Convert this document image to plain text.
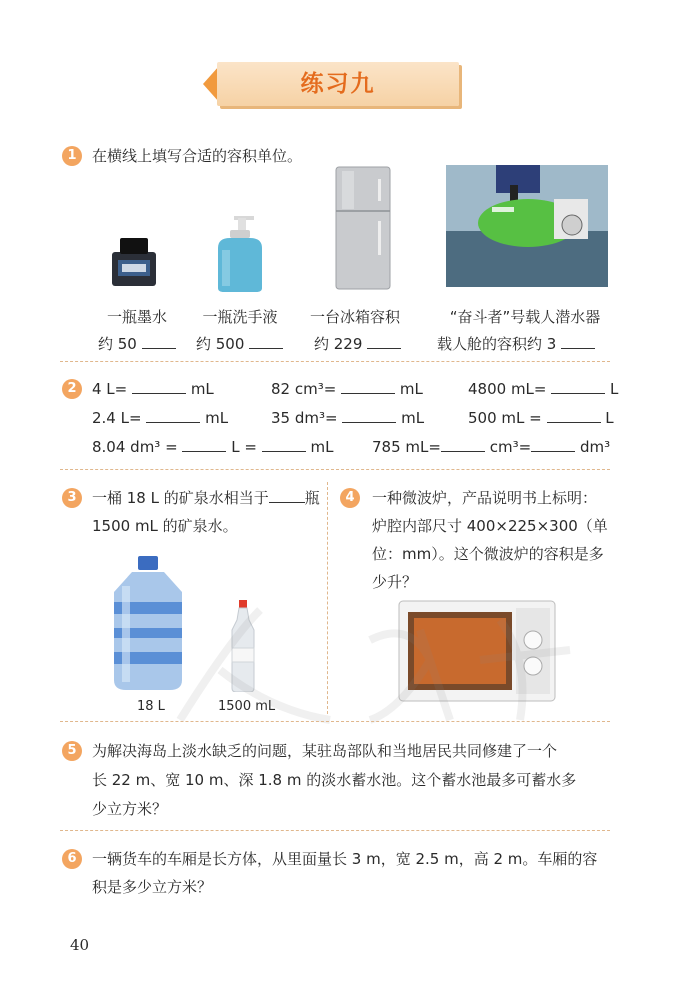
练习九
1	在横线上填写合适的容积单位。
一瓶墨水	一瓶洗手液	一台冰箱容积	“奋斗者”号载人潜水器
约 50	约 500	约 229	载人舱的容积约 3
2	4 L=	mL	82 cm³=	mL	4800 mL=	L
2.4 L=	mL	35 dm³=	mL	500 mL =	L
8.04 dm³ =	L =	mL	785 mL=	cm³=	dm³
3	一桶 18 L 的矿泉水相当于 瓶
1500 mL 的矿泉水。
18 L	1500 mL
4	一种微波炉，产品说明书上标明：
炉腔内部尺寸 400×225×300（单
位：mm）。这个微波炉的容积是多
少升？
5	为解决海岛上淡水缺乏的问题，某驻岛部队和当地居民共同修建了一个
长 22 m、宽 10 m、深 1.8 m 的淡水蓄水池。这个蓄水池最多可蓄水多
少立方米？
6	一辆货车的车厢是长方体，从里面量长 3 m，宽 2.5 m，高 2 m。车厢的容
积是多少立方米？
40
